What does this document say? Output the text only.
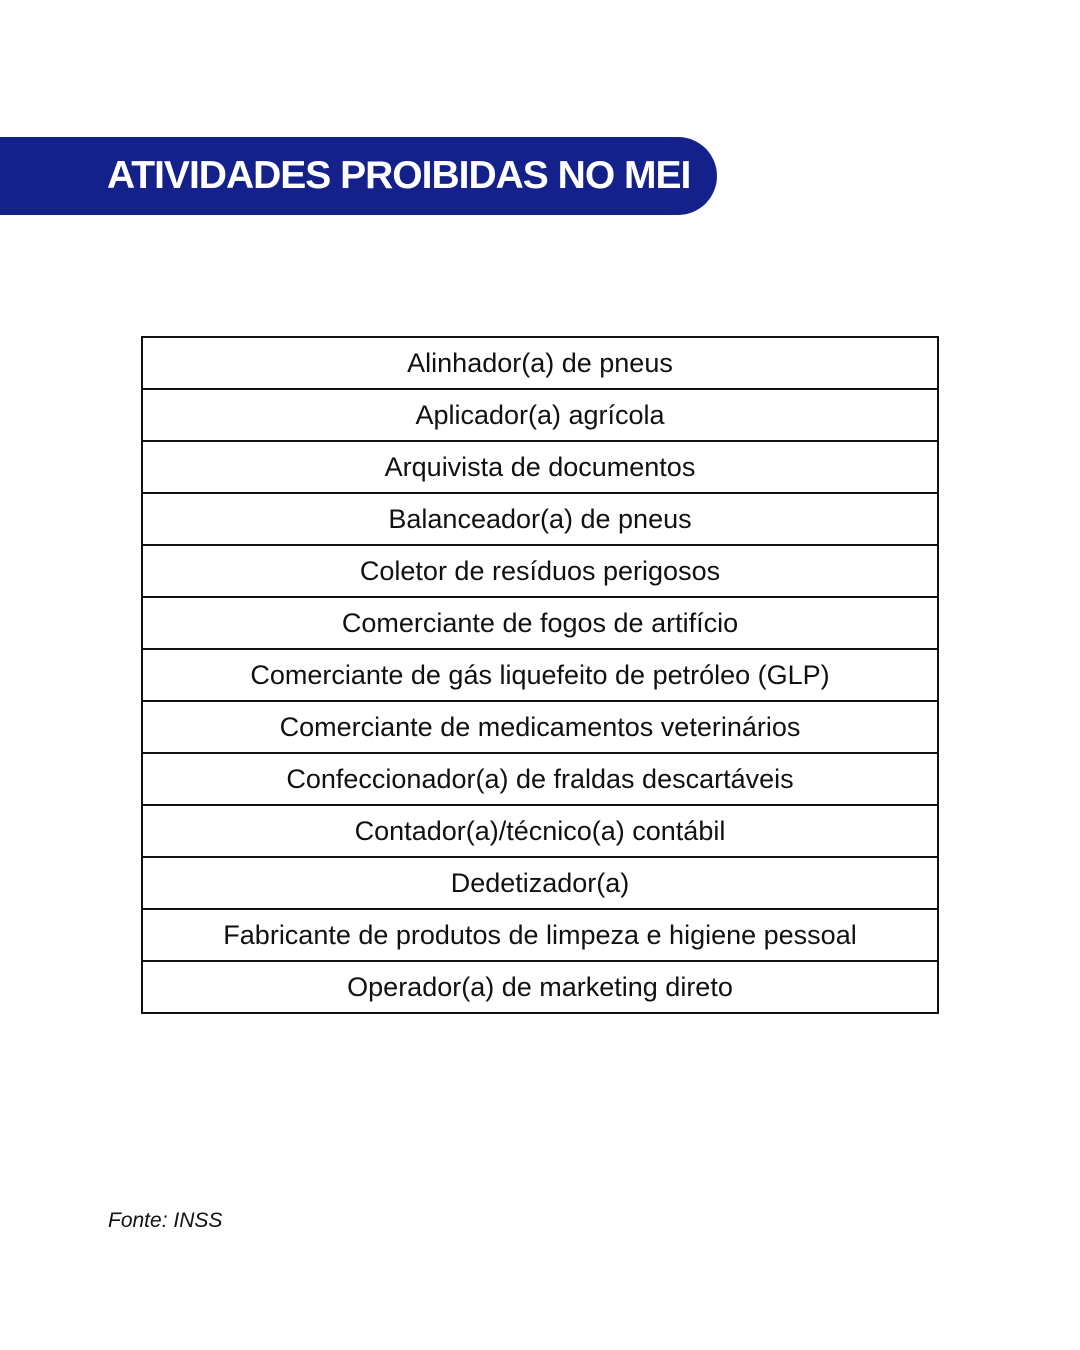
ATIVIDADES PROIBIDAS NO MEI
Alinhador(a) de pneus
Aplicador(a) agrícola
Arquivista de documentos
Balanceador(a) de pneus
Coletor de resíduos perigosos
Comerciante de fogos de artifício
Comerciante de gás liquefeito de petróleo (GLP)
Comerciante de medicamentos veterinários
Confeccionador(a) de fraldas descartáveis
Contador(a)/técnico(a) contábil
Dedetizador(a)
Fabricante de produtos de limpeza e higiene pessoal
Operador(a) de marketing direto
Fonte: INSS
